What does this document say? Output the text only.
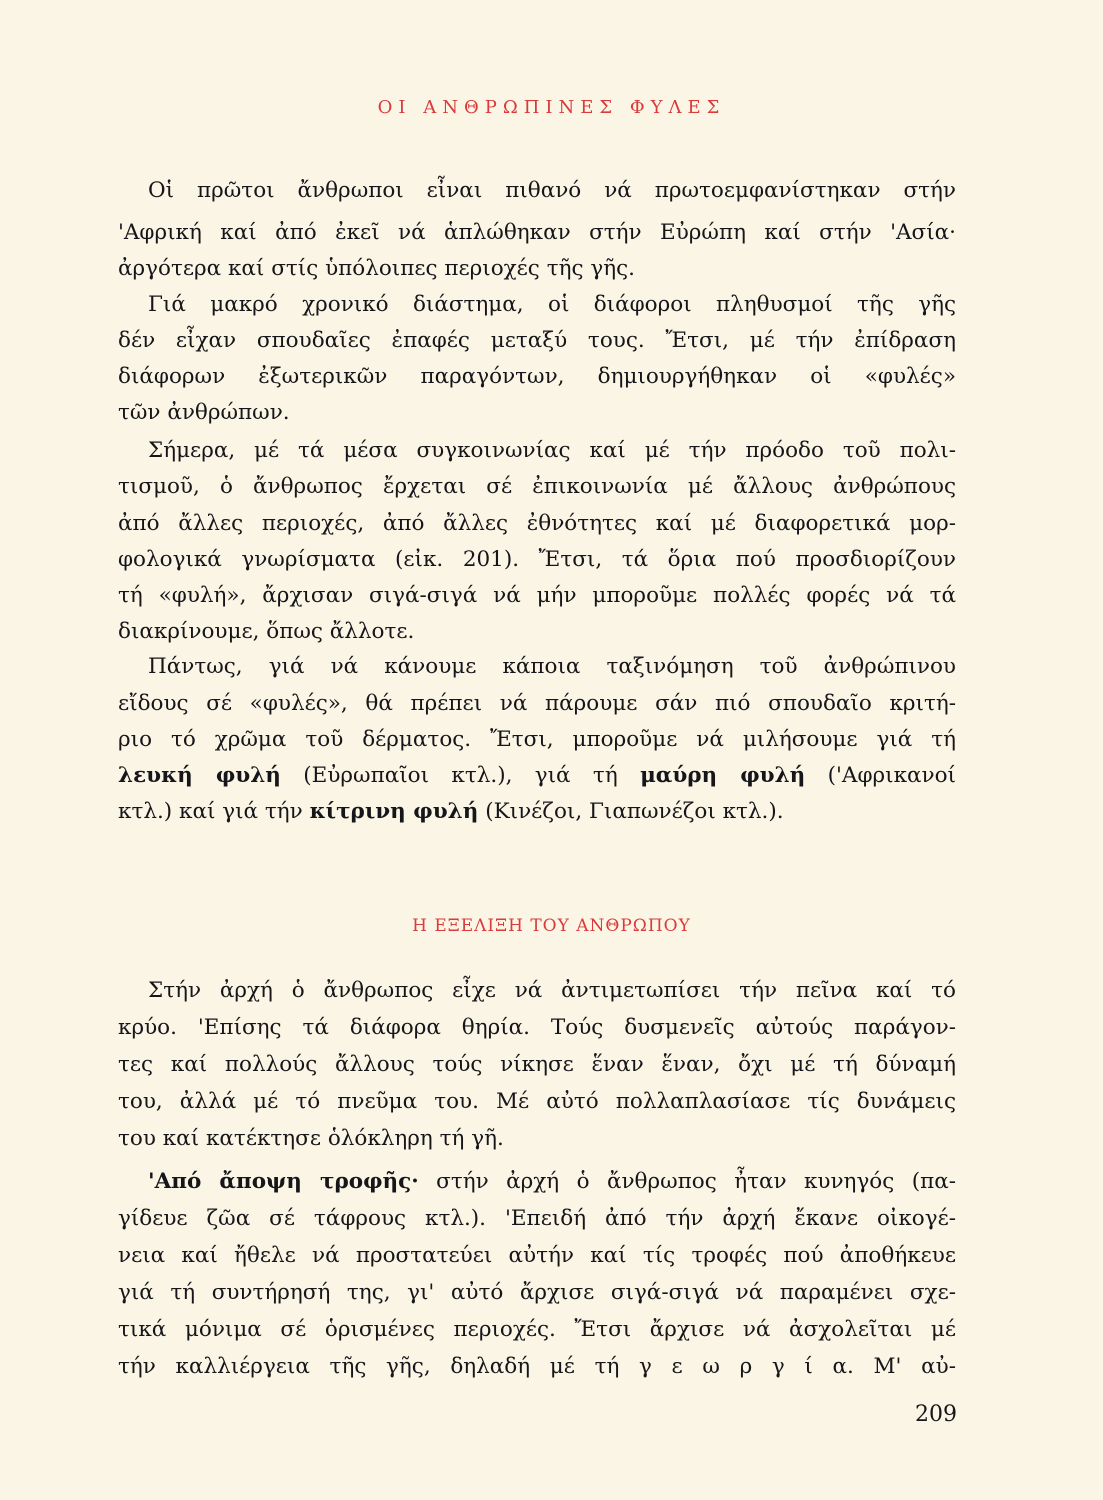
ΟΙ ΑΝΘΡΩΠΙΝΕΣ ΦΥΛΕΣ
Οἱ πρῶτοι ἄνθρωποι εἶναι πιθανό νά πρωτοεμφανίστηκαν στήν
'Αφρική καί ἀπό ἐκεῖ νά ἁπλώθηκαν στήν Εὐρώπη καί στήν 'Ασία·
ἀργότερα καί στίς ὑπόλοιπες περιοχές τῆς γῆς.
Γιά μακρό χρονικό διάστημα, οἱ διάφοροι πληθυσμοί τῆς γῆς
δέν εἶχαν σπουδαῖες ἐπαφές μεταξύ τους. Ἔτσι, μέ τήν ἐπίδραση
διάφορων ἐξωτερικῶν παραγόντων, δημιουργήθηκαν οἱ «φυλές»
τῶν ἀνθρώπων.
Σήμερα, μέ τά μέσα συγκοινωνίας καί μέ τήν πρόοδο τοῦ πολι-
τισμοῦ, ὁ ἄνθρωπος ἔρχεται σέ ἐπικοινωνία μέ ἄλλους ἀνθρώπους
ἀπό ἄλλες περιοχές, ἀπό ἄλλες ἐθνότητες καί μέ διαφορετικά μορ-
φολογικά γνωρίσματα (εἰκ. 201). Ἔτσι, τά ὅρια πού προσδιορίζουν
τή «φυλή», ἄρχισαν σιγά-σιγά νά μήν μποροῦμε πολλές φορές νά τά
διακρίνουμε, ὅπως ἄλλοτε.
Πάντως, γιά νά κάνουμε κάποια ταξινόμηση τοῦ ἀνθρώπινου
εἴδους σέ «φυλές», θά πρέπει νά πάρουμε σάν πιό σπουδαῖο κριτή-
ριο τό χρῶμα τοῦ δέρματος. Ἔτσι, μποροῦμε νά μιλήσουμε γιά τή
λευκή φυλή (Εὐρωπαῖοι κτλ.), γιά τή μαύρη φυλή ('Αφρικανοί
κτλ.) καί γιά τήν κίτρινη φυλή (Κινέζοι, Γιαπωνέζοι κτλ.).
Η ΕΞΕΛΙΞΗ ΤΟΥ ΑΝΘΡΩΠΟΥ
Στήν ἀρχή ὁ ἄνθρωπος εἶχε νά ἀντιμετωπίσει τήν πεῖνα καί τό
κρύο. 'Επίσης τά διάφορα θηρία. Τούς δυσμενεῖς αὐτούς παράγον-
τες καί πολλούς ἄλλους τούς νίκησε ἕναν ἕναν, ὄχι μέ τή δύναμή
του, ἀλλά μέ τό πνεῦμα του. Μέ αὐτό πολλαπλασίασε τίς δυνάμεις
του καί κατέκτησε ὁλόκληρη τή γῆ.
'Από ἄποψη τροφῆς· στήν ἀρχή ὁ ἄνθρωπος ἦταν κυνηγός (πα-
γίδευε ζῶα σέ τάφρους κτλ.). 'Επειδή ἀπό τήν ἀρχή ἔκανε οἰκογέ-
νεια καί ἤθελε νά προστατεύει αὐτήν καί τίς τροφές πού ἀποθήκευε
γιά τή συντήρησή της, γι' αὐτό ἄρχισε σιγά-σιγά νά παραμένει σχε-
τικά μόνιμα σέ ὁρισμένες περιοχές. Ἔτσι ἄρχισε νά ἀσχολεῖται μέ
τήν καλλιέργεια τῆς γῆς, δηλαδή μέ τή γ ε ω ρ γ ί α. Μ' αὐ-
209
